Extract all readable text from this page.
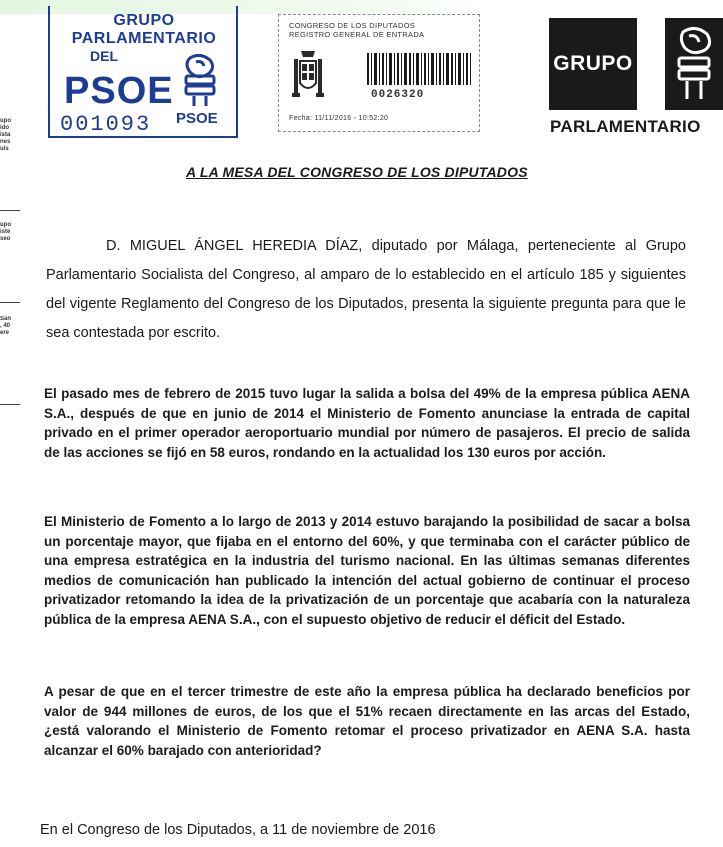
upo
ido
ista
nes
uis
upo
iste
seo
San
, 40
ere
GRUPO PARLAMENTARIO
DEL
PSOE
001093 PSOE
CONGRESO DE LOS DIPUTADOS
REGISTRO GENERAL DE ENTRADA
0026320
Fecha: 11/11/2016 - 10:52:20
GRUPO
PARLAMENTARIO
A LA MESA DEL CONGRESO DE LOS DIPUTADOS
D. MIGUEL ÁNGEL HEREDIA DÍAZ, diputado por Málaga, perteneciente al Grupo Parlamentario Socialista del Congreso, al amparo de lo establecido en el artículo 185 y siguientes del vigente Reglamento del Congreso de los Diputados, presenta la siguiente pregunta para que le sea contestada por escrito.
El pasado mes de febrero de 2015 tuvo lugar la salida a bolsa del 49% de la empresa pública AENA S.A., después de que en junio de 2014 el Ministerio de Fomento anunciase la entrada de capital privado en el primer operador aeroportuario mundial por número de pasajeros. El precio de salida de las acciones se fijó en 58 euros, rondando en la actualidad los 130 euros por acción.
El Ministerio de Fomento a lo largo de 2013 y 2014 estuvo barajando la posibilidad de sacar a bolsa un porcentaje mayor, que fijaba en el entorno del 60%, y que terminaba con el carácter público de una empresa estratégica en la industria del turismo nacional. En las últimas semanas diferentes medios de comunicación han publicado la intención del actual gobierno de continuar el proceso privatizador retomando la idea de la privatización de un porcentaje que acabaría con la naturaleza pública de la empresa AENA S.A., con el supuesto objetivo de reducir el déficit del Estado.
A pesar de que en el tercer trimestre de este año la empresa pública ha declarado beneficios por valor de 944 millones de euros, de los que el 51% recaen directamente en las arcas del Estado, ¿está valorando el Ministerio de Fomento retomar el proceso privatizador en AENA S.A. hasta alcanzar el 60% barajado con anterioridad?
En el Congreso de los Diputados, a 11 de noviembre de 2016
